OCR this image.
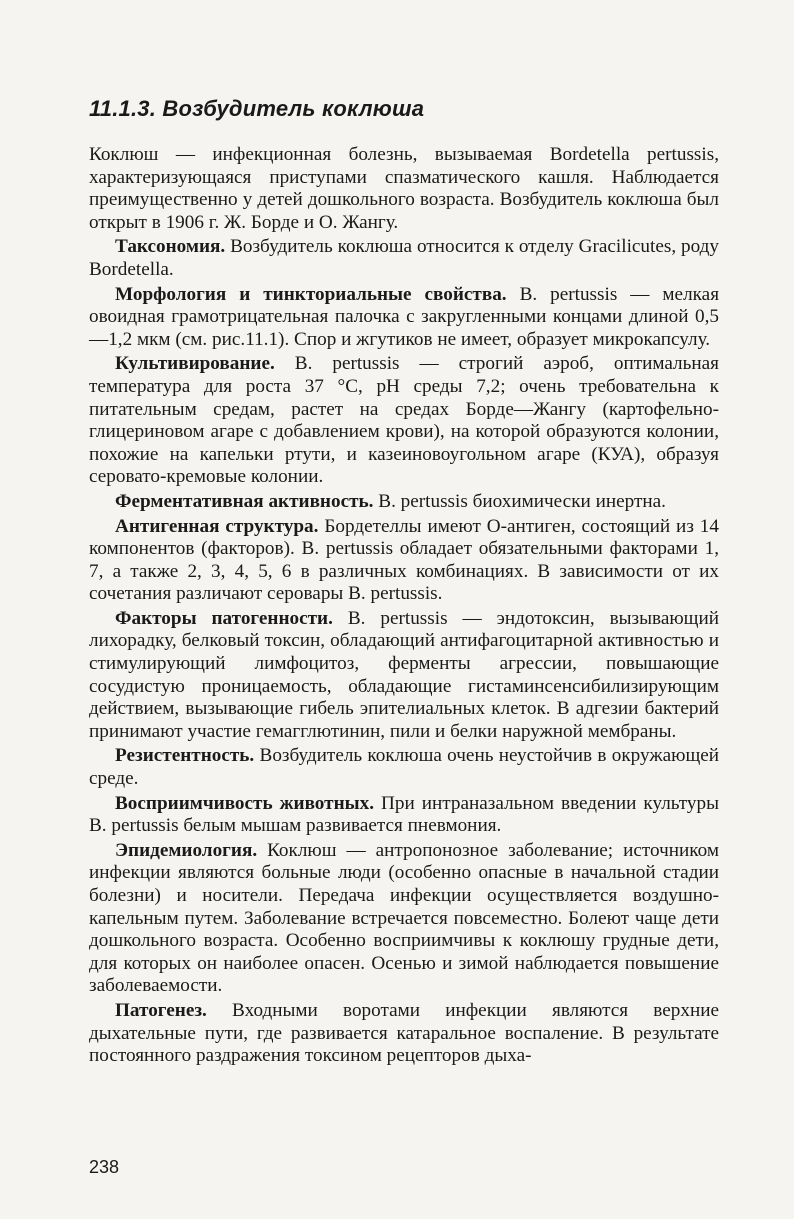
11.1.3. Возбудитель коклюша

Коклюш — инфекционная болезнь, вызываемая Bordetella pertussis, характеризующаяся приступами спазматического кашля. Наблюдается преимущественно у детей дошкольного возраста. Возбудитель коклюша был открыт в 1906 г. Ж. Борде и О. Жангу.

Таксономия. Возбудитель коклюша относится к отделу Gracilicutes, роду Bordetella.

Морфология и тинкториальные свойства. B. pertussis — мелкая овоидная грамотрицательная палочка с закругленными концами длиной 0,5—1,2 мкм (см. рис.11.1). Спор и жгутиков не имеет, образует микрокапсулу.

Культивирование. B. pertussis — строгий аэроб, оптимальная температура для роста 37 °С, рН среды 7,2; очень требовательна к питательным средам, растет на средах Борде—Жангу (картофельно-глицериновом агаре с добавлением крови), на которой образуются колонии, похожие на капельки ртути, и казеиновоугольном агаре (КУА), образуя серовато-кремовые колонии.

Ферментативная активность. B. pertussis биохимически инертна.

Антигенная структура. Бордетеллы имеют О-антиген, состоящий из 14 компонентов (факторов). B. pertussis обладает обязательными факторами 1, 7, а также 2, 3, 4, 5, 6 в различных комбинациях. В зависимости от их сочетания различают серовары B. pertussis.

Факторы патогенности. B. pertussis — эндотоксин, вызывающий лихорадку, белковый токсин, обладающий антифагоцитарной активностью и стимулирующий лимфоцитоз, ферменты агрессии, повышающие сосудистую проницаемость, обладающие гистаминсенсибилизирующим действием, вызывающие гибель эпителиальных клеток. В адгезии бактерий принимают участие гемагглютинин, пили и белки наружной мембраны.

Резистентность. Возбудитель коклюша очень неустойчив в окружающей среде.

Восприимчивость животных. При интраназальном введении культуры B. pertussis белым мышам развивается пневмония.

Эпидемиология. Коклюш — антропонозное заболевание; источником инфекции являются больные люди (особенно опасные в начальной стадии болезни) и носители. Передача инфекции осуществляется воздушно-капельным путем. Заболевание встречается повсеместно. Болеют чаще дети дошкольного возраста. Особенно восприимчивы к коклюшу грудные дети, для которых он наиболее опасен. Осенью и зимой наблюдается повышение заболеваемости.

Патогенез. Входными воротами инфекции являются верхние дыхательные пути, где развивается катаральное воспаление. В результате постоянного раздражения токсином рецепторов дыха-

238
